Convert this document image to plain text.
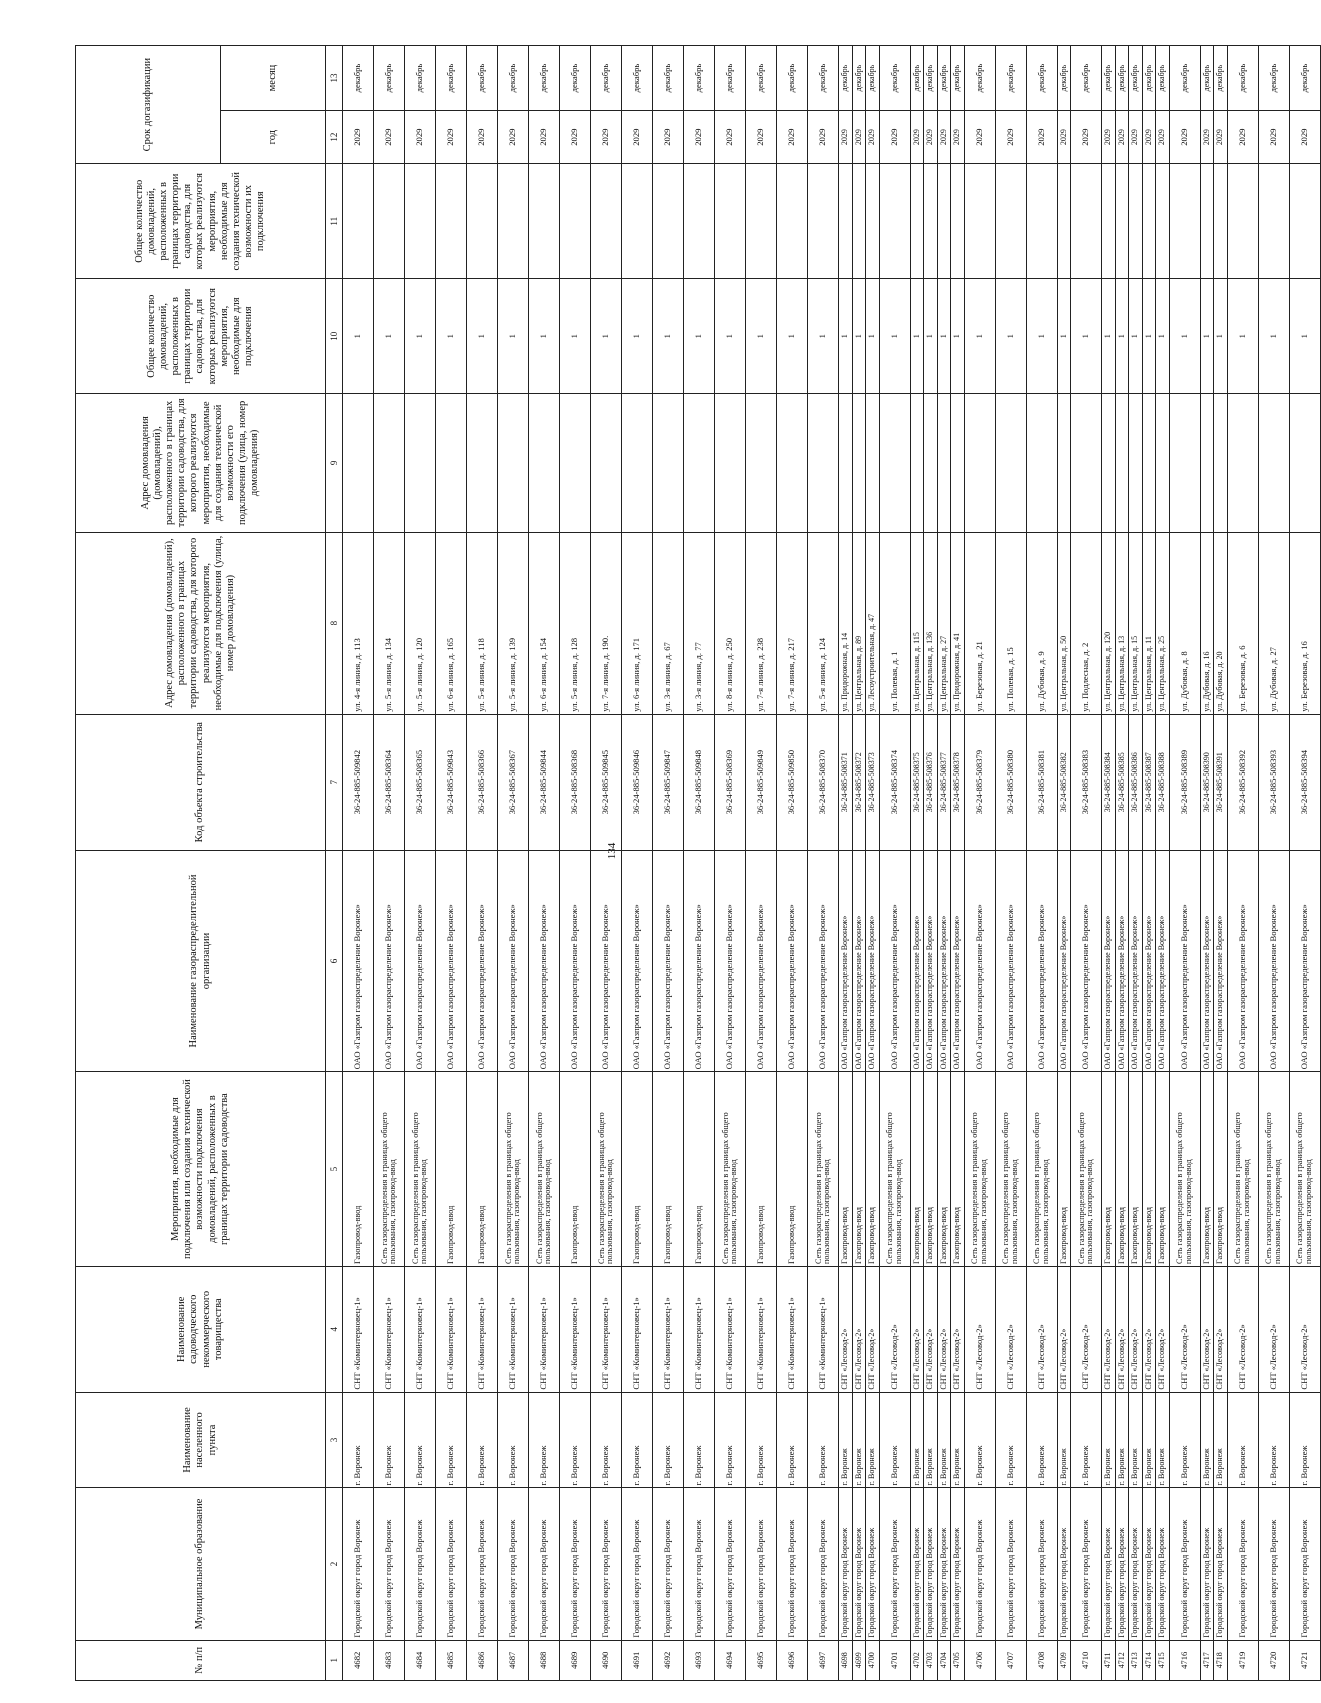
134
№ п/п	Муниципальное образование	Наименование населенного пункта	Наименование садоводческого некоммерческого товарищества	Мероприятия, необходимые для подключения или создания технической возможности подключения домовладений, расположенных в границах территории садоводства	Наименование газораспределительной организации	Код объекта строительства	Адрес домовладения (домовладений), расположенного в границах территории садоводства, для которого реализуются мероприятия, необходимые для подключения (улица, номер домовладения)	Адрес домовладения (домовладений), расположенного в границах территории садоводства, для которого реализуются мероприятия, необходимые для создания технической возможности его подключения (улица, номер домовладения)	Общее количество домовладений, расположенных в границах территории садоводства, для которых реализуются мероприятия, необходимые для подключения	Общее количество домовладений, расположенных в границах территории садоводства, для которых реализуются мероприятия, необходимые для создания технической возможности их подключения	Срок догазификации	
											год	месяц
1	2	3	4	5	6	7	8	9	10	11	12	13
4682	Городской округ город Воронеж	г. Воронеж	СНТ «Коминтерновец-1»	Газопровод-ввод	ОАО «Газпром газораспределение Воронеж»	36-24-885-509842	ул. 4-я линия, д. 113		1		2029	декабрь
4683	Городской округ город Воронеж	г. Воронеж	СНТ «Коминтерновец-1»	Сеть газораспределения в границах общего пользования, газопровод-ввод	ОАО «Газпром газораспределение Воронеж»	36-24-885-508364	ул. 5-я линия, д. 134		1		2029	декабрь
4684	Городской округ город Воронеж	г. Воронеж	СНТ «Коминтерновец-1»	Сеть газораспределения в границах общего пользования, газопровод-ввод	ОАО «Газпром газораспределение Воронеж»	36-24-885-508365	ул. 5-я линия, д. 120		1		2029	декабрь
4685	Городской округ город Воронеж	г. Воронеж	СНТ «Коминтерновец-1»	Газопровод-ввод	ОАО «Газпром газораспределение Воронеж»	36-24-885-509843	ул. 6-я линия, д. 165		1		2029	декабрь
4686	Городской округ город Воронеж	г. Воронеж	СНТ «Коминтерновец-1»	Газопровод-ввод	ОАО «Газпром газораспределение Воронеж»	36-24-885-508366	ул. 5-я линия, д. 118		1		2029	декабрь
4687	Городской округ город Воронеж	г. Воронеж	СНТ «Коминтерновец-1»	Сеть газораспределения в границах общего пользования, газопровод-ввод	ОАО «Газпром газораспределение Воронеж»	36-24-885-508367	ул. 5-я линия, д. 139		1		2029	декабрь
4688	Городской округ город Воронеж	г. Воронеж	СНТ «Коминтерновец-1»	Сеть газораспределения в границах общего пользования, газопровод-ввод	ОАО «Газпром газораспределение Воронеж»	36-24-885-509844	ул. 6-я линия, д. 154		1		2029	декабрь
4689	Городской округ город Воронеж	г. Воронеж	СНТ «Коминтерновец-1»	Газопровод-ввод	ОАО «Газпром газораспределение Воронеж»	36-24-885-508368	ул. 5-я линия, д. 128		1		2029	декабрь
4690	Городской округ город Воронеж	г. Воронеж	СНТ «Коминтерновец-1»	Сеть газораспределения в границах общего пользования, газопровод-ввод	ОАО «Газпром газораспределение Воронеж»	36-24-885-509845	ул. 7-я линия, д. 190.		1		2029	декабрь
4691	Городской округ город Воронеж	г. Воронеж	СНТ «Коминтерновец-1»	Газопровод-ввод	ОАО «Газпром газораспределение Воронеж»	36-24-885-509846	ул. 6-я линия, д. 171		1		2029	декабрь
4692	Городской округ город Воронеж	г. Воронеж	СНТ «Коминтерновец-1»	Газопровод-ввод	ОАО «Газпром газораспределение Воронеж»	36-24-885-509847	ул. 3-я линия, д. 67		1		2029	декабрь
4693	Городской округ город Воронеж	г. Воронеж	СНТ «Коминтерновец-1»	Газопровод-ввод	ОАО «Газпром газораспределение Воронеж»	36-24-885-509848	ул. 3-я линия, д. 77		1		2029	декабрь
4694	Городской округ город Воронеж	г. Воронеж	СНТ «Коминтерновец-1»	Сеть газораспределения в границах общего пользования, газопровод-ввод	ОАО «Газпром газораспределение Воронеж»	36-24-885-508369	ул. 8-я линия, д. 250		1		2029	декабрь
4695	Городской округ город Воронеж	г. Воронеж	СНТ «Коминтерновец-1»	Газопровод-ввод	ОАО «Газпром газораспределение Воронеж»	36-24-885-509849	ул. 7-я линия, д. 238		1		2029	декабрь
4696	Городской округ город Воронеж	г. Воронеж	СНТ «Коминтерновец-1»	Газопровод-ввод	ОАО «Газпром газораспределение Воронеж»	36-24-885-509850	ул. 7-я линия, д. 217		1		2029	декабрь
4697	Городской округ город Воронеж	г. Воронеж	СНТ «Коминтерновец-1»	Сеть газораспределения в границах общего пользования, газопровод-ввод	ОАО «Газпром газораспределение Воронеж»	36-24-885-508370	ул. 5-я линия, д. 124		1		2029	декабрь
4698	Городской округ город Воронеж	г. Воронеж	СНТ «Лесовод-2»	Газопровод-ввод	ОАО «Газпром газораспределение Воронеж»	36-24-885-508371	ул. Придорожная, д. 14		1		2029	декабрь
4699	Городской округ город Воронеж	г. Воронеж	СНТ «Лесовод-2»	Газопровод-ввод	ОАО «Газпром газораспределение Воронеж»	36-24-885-508372	ул. Центральная, д. 89		1		2029	декабрь
4700	Городской округ город Воронеж	г. Воронеж	СНТ «Лесовод-2»	Газопровод-ввод	ОАО «Газпром газораспределение Воронеж»	36-24-885-508373	ул. Лесоустроительная, д. 47		1		2029	декабрь
4701	Городской округ город Воронеж	г. Воронеж	СНТ «Лесовод-2»	Сеть газораспределения в границах общего пользования, газопровод-ввод	ОАО «Газпром газораспределение Воронеж»	36-24-885-508374	ул. Полевая, д. 1		1		2029	декабрь
4702	Городской округ город Воронеж	г. Воронеж	СНТ «Лесовод-2»	Газопровод-ввод	ОАО «Газпром газораспределение Воронеж»	36-24-885-508375	ул. Центральная, д. 115		1		2029	декабрь
4703	Городской округ город Воронеж	г. Воронеж	СНТ «Лесовод-2»	Газопровод-ввод	ОАО «Газпром газораспределение Воронеж»	36-24-885-508376	ул. Центральная, д. 136		1		2029	декабрь
4704	Городской округ город Воронеж	г. Воронеж	СНТ «Лесовод-2»	Газопровод-ввод	ОАО «Газпром газораспределение Воронеж»	36-24-885-508377	ул. Центральная, д. 27		1		2029	декабрь
4705	Городской округ город Воронеж	г. Воронеж	СНТ «Лесовод-2»	Газопровод-ввод	ОАО «Газпром газораспределение Воронеж»	36-24-885-508378	ул. Придорожная, д. 41		1		2029	декабрь
4706	Городской округ город Воронеж	г. Воронеж	СНТ «Лесовод-2»	Сеть газораспределения в границах общего пользования, газопровод-ввод	ОАО «Газпром газораспределение Воронеж»	36-24-885-508379	ул. Березовая, д. 21		1		2029	декабрь
4707	Городской округ город Воронеж	г. Воронеж	СНТ «Лесовод-2»	Сеть газораспределения в границах общего пользования, газопровод-ввод	ОАО «Газпром газораспределение Воронеж»	36-24-885-508380	ул. Полевая, д. 15		1		2029	декабрь
4708	Городской округ город Воронеж	г. Воронеж	СНТ «Лесовод-2»	Сеть газораспределения в границах общего пользования, газопровод-ввод	ОАО «Газпром газораспределение Воронеж»	36-24-885-508381	ул. Дубовая, д. 9		1		2029	декабрь
4709	Городской округ город Воронеж	г. Воронеж	СНТ «Лесовод-2»	Газопровод-ввод	ОАО «Газпром газораспределение Воронеж»	36-24-885-508382	ул. Центральная, д. 50		1		2029	декабрь
4710	Городской округ город Воронеж	г. Воронеж	СНТ «Лесовод-2»	Сеть газораспределения в границах общего пользования, газопровод-ввод	ОАО «Газпром газораспределение Воронеж»	36-24-885-508383	ул. Подлесная, д. 2		1		2029	декабрь
4711	Городской округ город Воронеж	г. Воронеж	СНТ «Лесовод-2»	Газопровод-ввод	ОАО «Газпром газораспределение Воронеж»	36-24-885-508384	ул. Центральная, д. 120		1		2029	декабрь
4712	Городской округ город Воронеж	г. Воронеж	СНТ «Лесовод-2»	Газопровод-ввод	ОАО «Газпром газораспределение Воронеж»	36-24-885-508385	ул. Центральная, д. 13		1		2029	декабрь
4713	Городской округ город Воронеж	г. Воронеж	СНТ «Лесовод-2»	Газопровод-ввод	ОАО «Газпром газораспределение Воронеж»	36-24-885-508386	ул. Центральная, д. 15		1		2029	декабрь
4714	Городской округ город Воронеж	г. Воронеж	СНТ «Лесовод-2»	Газопровод-ввод	ОАО «Газпром газораспределение Воронеж»	36-24-885-508387	ул. Центральная, д. 11		1		2029	декабрь
4715	Городской округ город Воронеж	г. Воронеж	СНТ «Лесовод-2»	Газопровод-ввод	ОАО «Газпром газораспределение Воронеж»	36-24-885-508388	ул. Центральная, д. 25		1		2029	декабрь
4716	Городской округ город Воронеж	г. Воронеж	СНТ «Лесовод-2»	Сеть газораспределения в границах общего пользования, газопровод-ввод	ОАО «Газпром газораспределение Воронеж»	36-24-885-508389	ул. Дубовая, д. 8		1		2029	декабрь
4717	Городской округ город Воронеж	г. Воронеж	СНТ «Лесовод-2»	Газопровод-ввод	ОАО «Газпром газораспределение Воронеж»	36-24-885-508390	ул. Дубовая, д. 16		1		2029	декабрь
4718	Городской округ город Воронеж	г. Воронеж	СНТ «Лесовод-2»	Газопровод-ввод	ОАО «Газпром газораспределение Воронеж»	36-24-885-508391	ул. Дубовая, д. 20		1		2029	декабрь
4719	Городской округ город Воронеж	г. Воронеж	СНТ «Лесовод-2»	Сеть газораспределения в границах общего пользования, газопровод-ввод	ОАО «Газпром газораспределение Воронеж»	36-24-885-508392	ул. Березовая, д. 6		1		2029	декабрь
4720	Городской округ город Воронеж	г. Воронеж	СНТ «Лесовод-2»	Сеть газораспределения в границах общего пользования, газопровод-ввод	ОАО «Газпром газораспределение Воронеж»	36-24-885-508393	ул. Дубовая, д. 27		1		2029	декабрь
4721	Городской округ город Воронеж	г. Воронеж	СНТ «Лесовод-2»	Сеть газораспределения в границах общего пользования, газопровод-ввод	ОАО «Газпром газораспределение Воронеж»	36-24-885-508394	ул. Березовая, д. 16		1		2029	декабрь
